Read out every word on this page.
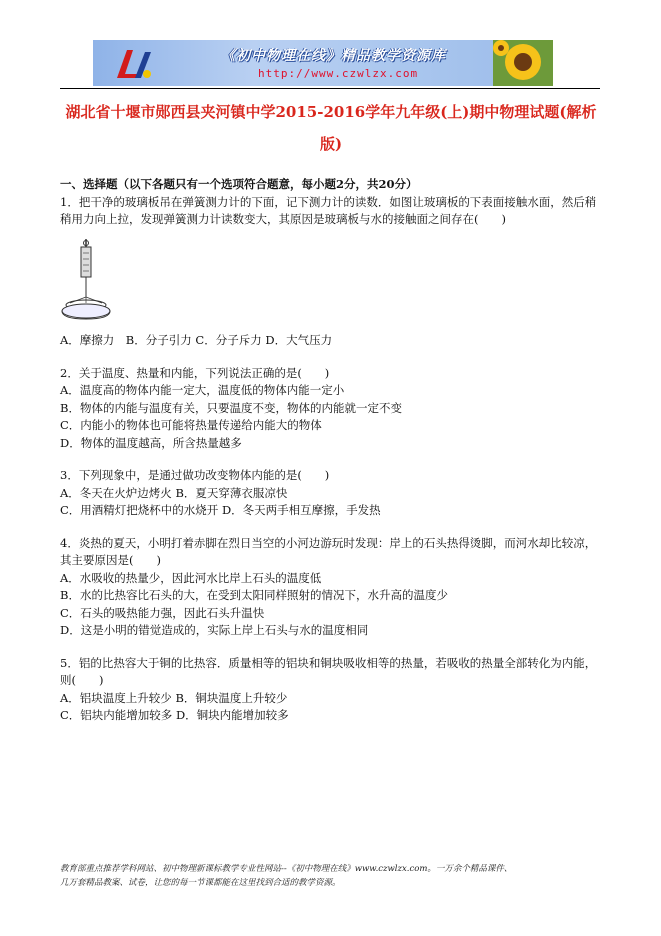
《初中物理在线》精品教学资源库
http://www.czwlzx.com
湖北省十堰市郧西县夹河镇中学2015-2016学年九年级(上)期中物理试题(解析版)
一、选择题（以下各题只有一个选项符合题意，每小题2分，共20分）

1．把干净的玻璃板吊在弹簧测力计的下面，记下测力计的读数．如图让玻璃板的下表面接触水面，然后稍稍用力向上拉，发现弹簧测力计读数变大，其原因是玻璃板与水的接触面之间存在(　　)

A．摩擦力　B．分子引力 C．分子斥力 D．大气压力

2．关于温度、热量和内能，下列说法正确的是(　　)

A．温度高的物体内能一定大，温度低的物体内能一定小

B．物体的内能与温度有关，只要温度不变，物体的内能就一定不变

C．内能小的物体也可能将热量传递给内能大的物体

D．物体的温度越高，所含热量越多

3．下列现象中，是通过做功改变物体内能的是(　　)

A．冬天在火炉边烤火 B．夏天穿薄衣服凉快

C．用酒精灯把烧杯中的水烧开 D．冬天两手相互摩擦，手发热

4．炎热的夏天，小明打着赤脚在烈日当空的小河边游玩时发现：岸上的石头热得烫脚，而河水却比较凉，其主要原因是(　　)

A．水吸收的热量少，因此河水比岸上石头的温度低

B．水的比热容比石头的大，在受到太阳同样照射的情况下，水升高的温度少

C．石头的吸热能力强，因此石头升温快

D．这是小明的错觉造成的，实际上岸上石头与水的温度相同

5．铝的比热容大于铜的比热容．质量相等的铝块和铜块吸收相等的热量，若吸收的热量全部转化为内能，则(　　)

A．铝块温度上升较少 B．铜块温度上升较少

C．铝块内能增加较多 D．铜块内能增加较多

教育部重点推荐学科网站、初中物理新课标教学专业性网站--《初中物理在线》www.czwlzx.com。一万余个精品课件、
几万套精品教案、试卷，让您的每一节课都能在这里找到合适的教学资源。
